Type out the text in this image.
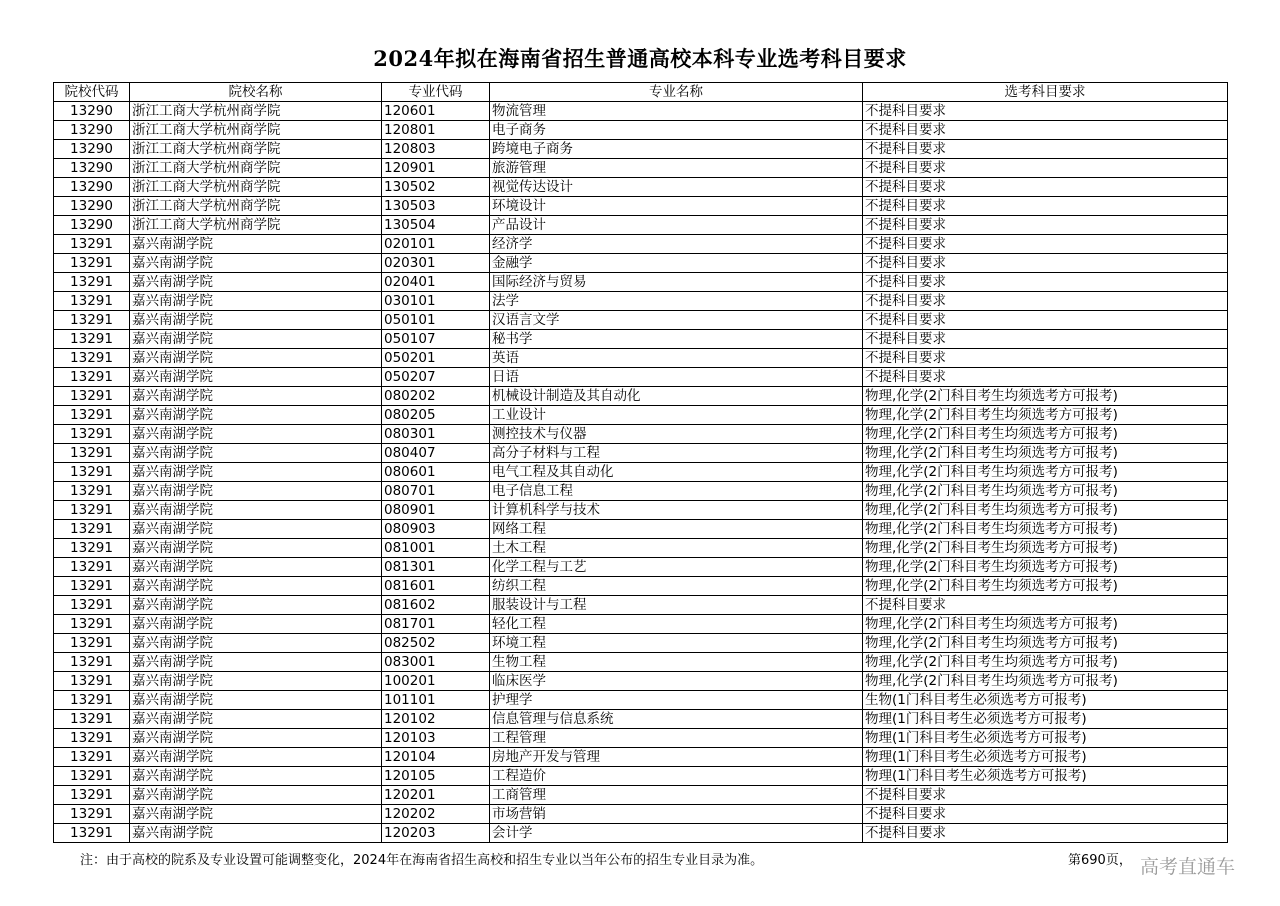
2024年拟在海南省招生普通高校本科专业选考科目要求
院校代码	院校名称	专业代码	专业名称	选考科目要求
13290	浙江工商大学杭州商学院	120601	物流管理	不提科目要求
13290	浙江工商大学杭州商学院	120801	电子商务	不提科目要求
13290	浙江工商大学杭州商学院	120803	跨境电子商务	不提科目要求
13290	浙江工商大学杭州商学院	120901	旅游管理	不提科目要求
13290	浙江工商大学杭州商学院	130502	视觉传达设计	不提科目要求
13290	浙江工商大学杭州商学院	130503	环境设计	不提科目要求
13290	浙江工商大学杭州商学院	130504	产品设计	不提科目要求
13291	嘉兴南湖学院	020101	经济学	不提科目要求
13291	嘉兴南湖学院	020301	金融学	不提科目要求
13291	嘉兴南湖学院	020401	国际经济与贸易	不提科目要求
13291	嘉兴南湖学院	030101	法学	不提科目要求
13291	嘉兴南湖学院	050101	汉语言文学	不提科目要求
13291	嘉兴南湖学院	050107	秘书学	不提科目要求
13291	嘉兴南湖学院	050201	英语	不提科目要求
13291	嘉兴南湖学院	050207	日语	不提科目要求
13291	嘉兴南湖学院	080202	机械设计制造及其自动化	物理,化学(2门科目考生均须选考方可报考)
13291	嘉兴南湖学院	080205	工业设计	物理,化学(2门科目考生均须选考方可报考)
13291	嘉兴南湖学院	080301	测控技术与仪器	物理,化学(2门科目考生均须选考方可报考)
13291	嘉兴南湖学院	080407	高分子材料与工程	物理,化学(2门科目考生均须选考方可报考)
13291	嘉兴南湖学院	080601	电气工程及其自动化	物理,化学(2门科目考生均须选考方可报考)
13291	嘉兴南湖学院	080701	电子信息工程	物理,化学(2门科目考生均须选考方可报考)
13291	嘉兴南湖学院	080901	计算机科学与技术	物理,化学(2门科目考生均须选考方可报考)
13291	嘉兴南湖学院	080903	网络工程	物理,化学(2门科目考生均须选考方可报考)
13291	嘉兴南湖学院	081001	土木工程	物理,化学(2门科目考生均须选考方可报考)
13291	嘉兴南湖学院	081301	化学工程与工艺	物理,化学(2门科目考生均须选考方可报考)
13291	嘉兴南湖学院	081601	纺织工程	物理,化学(2门科目考生均须选考方可报考)
13291	嘉兴南湖学院	081602	服装设计与工程	不提科目要求
13291	嘉兴南湖学院	081701	轻化工程	物理,化学(2门科目考生均须选考方可报考)
13291	嘉兴南湖学院	082502	环境工程	物理,化学(2门科目考生均须选考方可报考)
13291	嘉兴南湖学院	083001	生物工程	物理,化学(2门科目考生均须选考方可报考)
13291	嘉兴南湖学院	100201	临床医学	物理,化学(2门科目考生均须选考方可报考)
13291	嘉兴南湖学院	101101	护理学	生物(1门科目考生必须选考方可报考)
13291	嘉兴南湖学院	120102	信息管理与信息系统	物理(1门科目考生必须选考方可报考)
13291	嘉兴南湖学院	120103	工程管理	物理(1门科目考生必须选考方可报考)
13291	嘉兴南湖学院	120104	房地产开发与管理	物理(1门科目考生必须选考方可报考)
13291	嘉兴南湖学院	120105	工程造价	物理(1门科目考生必须选考方可报考)
13291	嘉兴南湖学院	120201	工商管理	不提科目要求
13291	嘉兴南湖学院	120202	市场营销	不提科目要求
13291	嘉兴南湖学院	120203	会计学	不提科目要求
注：由于高校的院系及专业设置可能调整变化，2024年在海南省招生高校和招生专业以当年公布的招生专业目录为准。	第690页， 高考直通车
